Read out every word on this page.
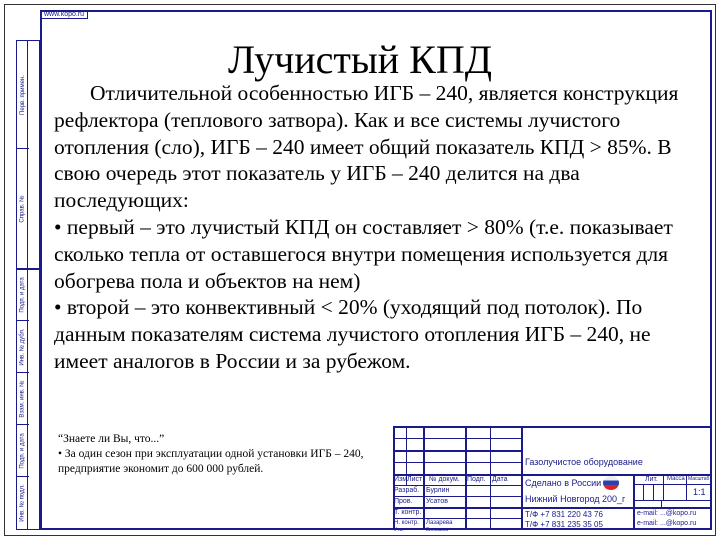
Перв. примен.
Справ. №
Подп. и дата
Инв. № дубл.
Взам. инв. №
Подп. и дата
Инв. № подл.
www.kopo.ru
Лучистый КПД

Отличительной особенностью ИГБ – 240, является конструкция рефлектора (теплового затвора). Как и все системы лучистого отопления (сло), ИГБ – 240 имеет общий показатель КПД > 85%. В свою очередь этот показатель у ИГБ – 240 делится на два последующих:

• первый – это лучистый КПД он составляет > 80% (т.е. показывает сколько тепла от оставшегося внутри помещения используется для обогрева пола и объектов на нем)

• второй – это конвективный < 20% (уходящий под потолок). По данным показателям система лучистого отопления ИГБ – 240, не имеет аналогов в России и за рубежом.

“Знаете ли Вы, что...”

• За один сезон при эксплуатации одной установки ИГБ – 240, предприятие экономит до 600 000 рублей.

Газолучистое оборудование
Изм.
Лист № докум. Подп. Дата
Разраб. Бурлин
Пров. Усатов
Т. контр.
Н. контр. Лазарева
Утв.	Зиновьев
Сделано в России
Нижний Новгород 200_г
Лит. Масса Масштаб
1:1
Т/Ф +7 831 220 43 76
Т/Ф +7 831 235 35 05
e-mail: ...@kopo.ru
e-mail: ...@kopo.ru
